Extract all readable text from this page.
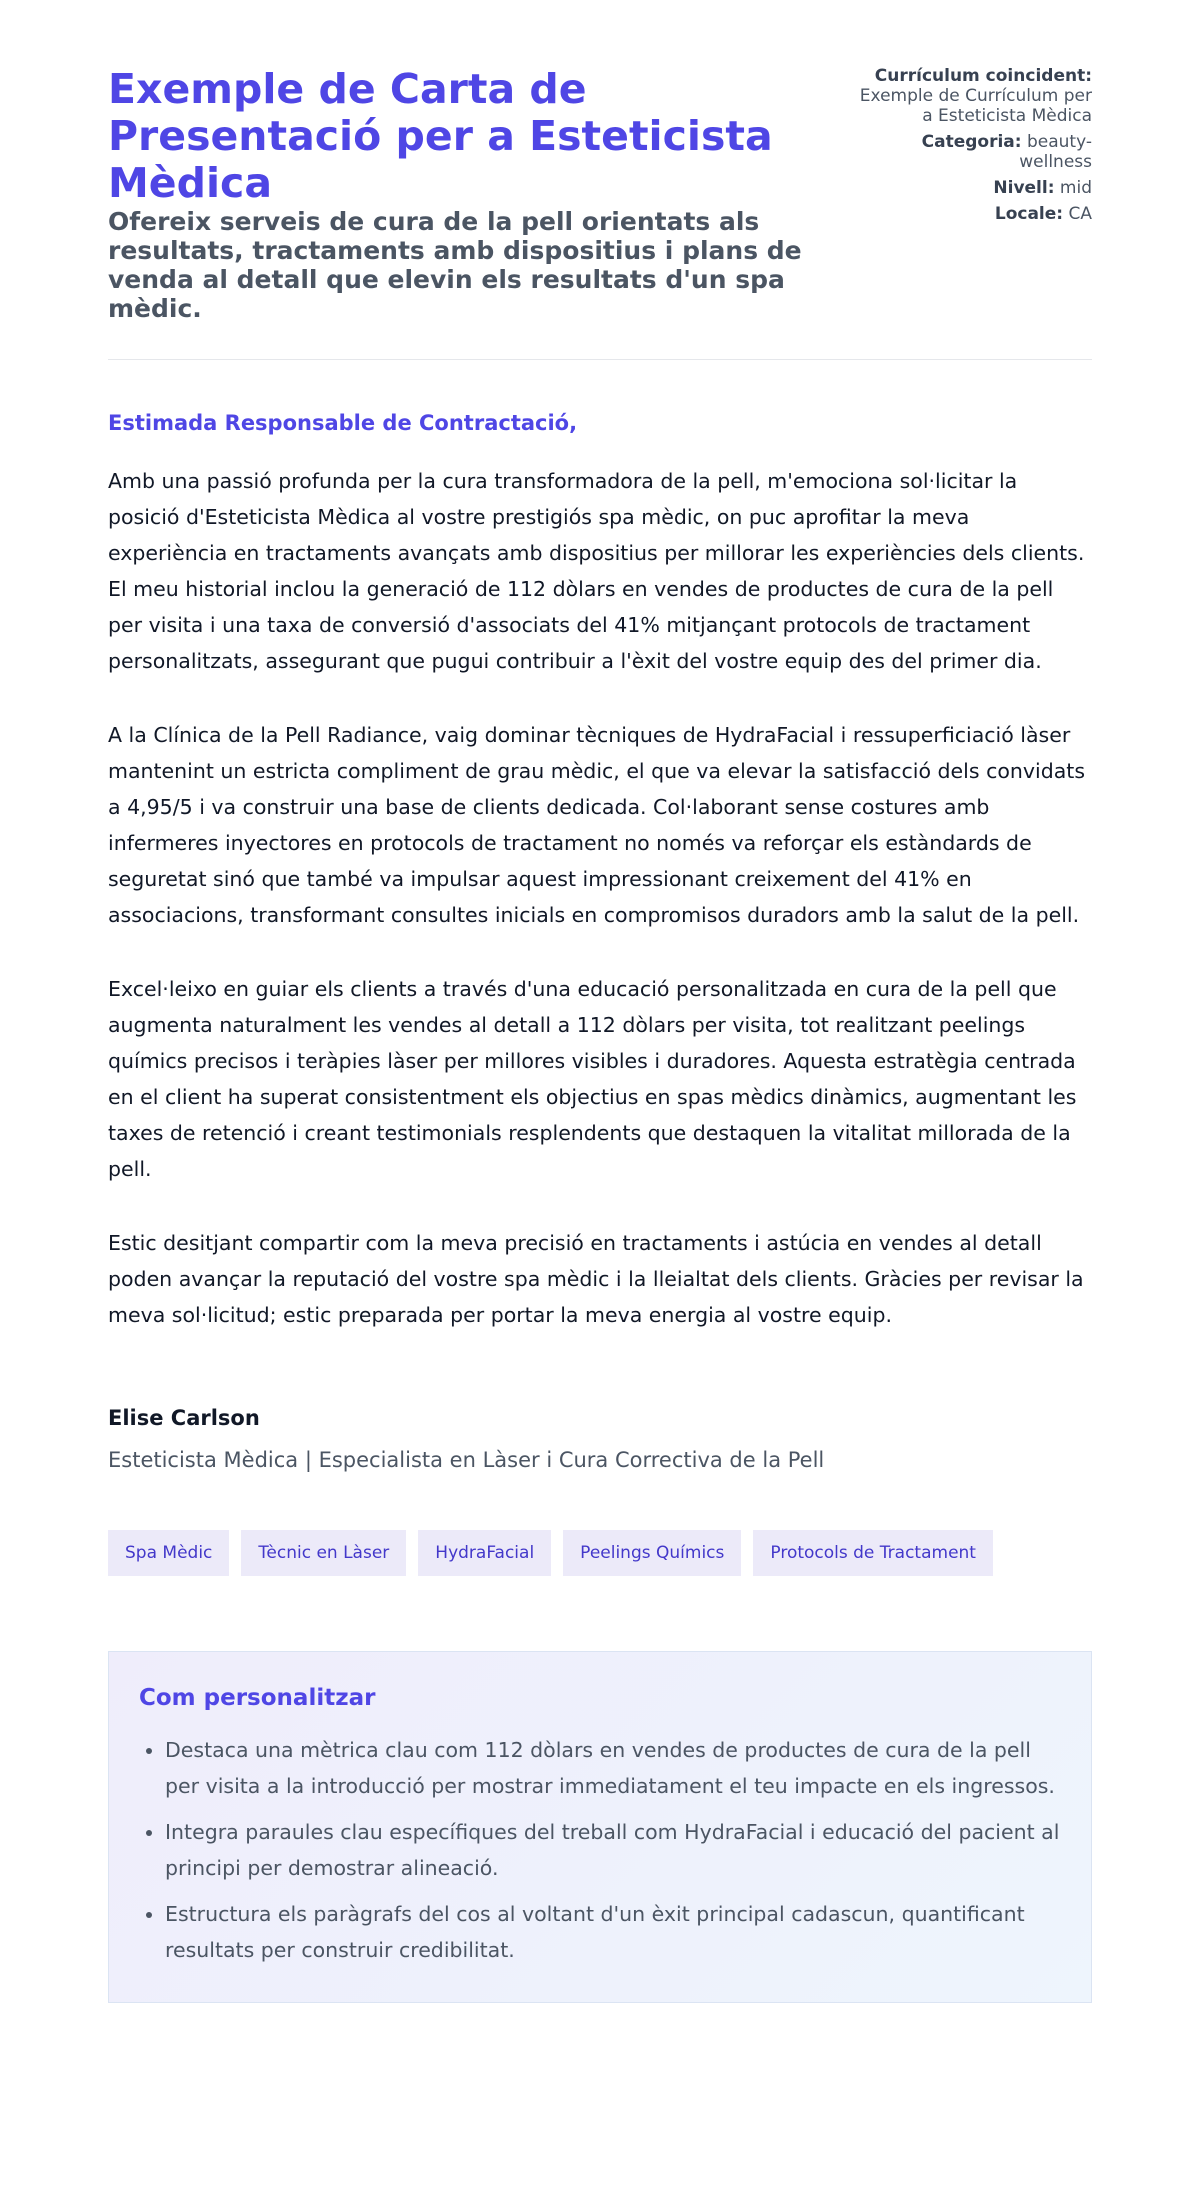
Exemple de Carta de Presentació per a Esteticista Mèdica

Ofereix serveis de cura de la pell orientats als resultats, tractaments amb dispositius i plans de venda al detall que elevin els resultats d'un spa mèdic.

Currículum coincident: Exemple de Currículum per a Esteticista Mèdica
Categoria: beauty-wellness
Nivell: mid
Locale: CA

Estimada Responsable de Contractació,

Amb una passió profunda per la cura transformadora de la pell, m'emociona sol·licitar la posició d'Esteticista Mèdica al vostre prestigiós spa mèdic, on puc aprofitar la meva experiència en tractaments avançats amb dispositius per millorar les experiències dels clients. El meu historial inclou la generació de 112 dòlars en vendes de productes de cura de la pell per visita i una taxa de conversió d'associats del 41% mitjançant protocols de tractament personalitzats, assegurant que pugui contribuir a l'èxit del vostre equip des del primer dia.

A la Clínica de la Pell Radiance, vaig dominar tècniques de HydraFacial i ressuperficiació làser mantenint un estricta compliment de grau mèdic, el que va elevar la satisfacció dels convidats a 4,95/5 i va construir una base de clients dedicada. Col·laborant sense costures amb infermeres inyectores en protocols de tractament no només va reforçar els estàndards de seguretat sinó que també va impulsar aquest impressionant creixement del 41% en associacions, transformant consultes inicials en compromisos duradors amb la salut de la pell.

Excel·leixo en guiar els clients a través d'una educació personalitzada en cura de la pell que augmenta naturalment les vendes al detall a 112 dòlars per visita, tot realitzant peelings químics precisos i teràpies làser per millores visibles i duradores. Aquesta estratègia centrada en el client ha superat consistentment els objectius en spas mèdics dinàmics, augmentant les taxes de retenció i creant testimonials resplendents que destaquen la vitalitat millorada de la pell.

Estic desitjant compartir com la meva precisió en tractaments i astúcia en vendes al detall poden avançar la reputació del vostre spa mèdic i la lleialtat dels clients. Gràcies per revisar la meva sol·licitud; estic preparada per portar la meva energia al vostre equip.

Elise Carlson
Esteticista Mèdica | Especialista en Làser i Cura Correctiva de la Pell
Spa Mèdic	Tècnic en Làser	HydraFacial	Peelings Químics	Protocols de Tractament
Com personalitzar
• Destaca una mètrica clau com 112 dòlars en vendes de productes de cura de la pell per visita a la introducció per mostrar immediatament el teu impacte en els ingressos.
• Integra paraules clau específiques del treball com HydraFacial i educació del pacient al principi per demostrar alineació.
• Estructura els paràgrafs del cos al voltant d'un èxit principal cadascun, quantificant resultats per construir credibilitat.
